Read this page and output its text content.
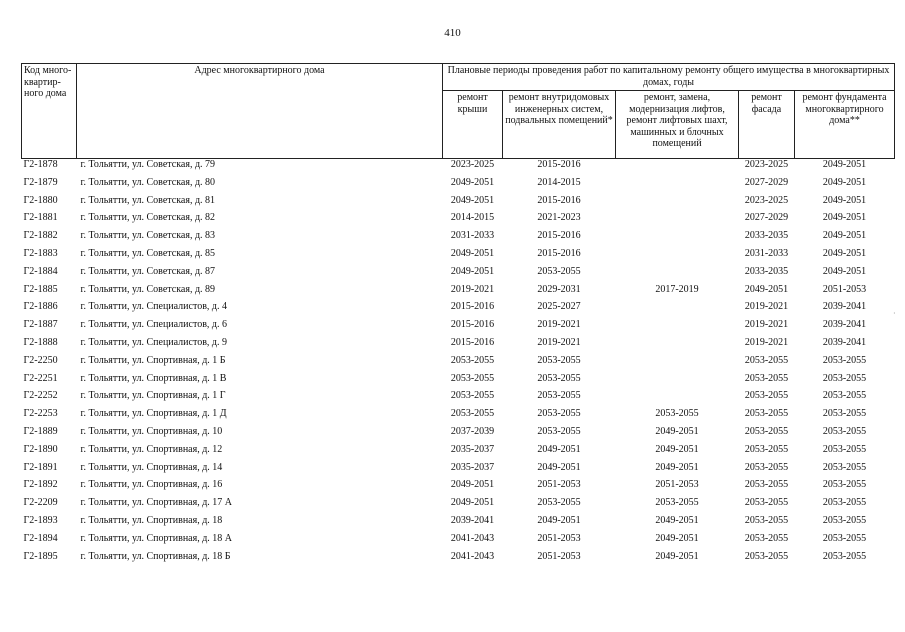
410
Код много-квартир-ного дома	Адрес многоквартирного дома	Плановые периоды проведения работ по капитальному ремонту общего имущества в многоквартирных домах, годы				
		ремонт крыши	ремонт внутридомовых инженерных систем, подвальных помещений*	ремонт, замена, модернизация лифтов, ремонт лифтовых шахт, машинных и блочных помещений	ремонт фасада	ремонт фундамента многоквартирного дома**
Г2-1878	г. Тольятти, ул. Советская, д. 79	2023-2025	2015-2016		2023-2025	2049-2051
Г2-1879	г. Тольятти, ул. Советская, д. 80	2049-2051	2014-2015		2027-2029	2049-2051
Г2-1880	г. Тольятти, ул. Советская, д. 81	2049-2051	2015-2016		2023-2025	2049-2051
Г2-1881	г. Тольятти, ул. Советская, д. 82	2014-2015	2021-2023		2027-2029	2049-2051
Г2-1882	г. Тольятти, ул. Советская, д. 83	2031-2033	2015-2016		2033-2035	2049-2051
Г2-1883	г. Тольятти, ул. Советская, д. 85	2049-2051	2015-2016		2031-2033	2049-2051
Г2-1884	г. Тольятти, ул. Советская, д. 87	2049-2051	2053-2055		2033-2035	2049-2051
Г2-1885	г. Тольятти, ул. Советская, д. 89	2019-2021	2029-2031	2017-2019	2049-2051	2051-2053
Г2-1886	г. Тольятти, ул. Специалистов, д. 4	2015-2016	2025-2027		2019-2021	2039-2041
Г2-1887	г. Тольятти, ул. Специалистов, д. 6	2015-2016	2019-2021		2019-2021	2039-2041
Г2-1888	г. Тольятти, ул. Специалистов, д. 9	2015-2016	2019-2021		2019-2021	2039-2041
Г2-2250	г. Тольятти, ул. Спортивная, д. 1 Б	2053-2055	2053-2055		2053-2055	2053-2055
Г2-2251	г. Тольятти, ул. Спортивная, д. 1 В	2053-2055	2053-2055		2053-2055	2053-2055
Г2-2252	г. Тольятти, ул. Спортивная, д. 1 Г	2053-2055	2053-2055		2053-2055	2053-2055
Г2-2253	г. Тольятти, ул. Спортивная, д. 1 Д	2053-2055	2053-2055	2053-2055	2053-2055	2053-2055
Г2-1889	г. Тольятти, ул. Спортивная, д. 10	2037-2039	2053-2055	2049-2051	2053-2055	2053-2055
Г2-1890	г. Тольятти, ул. Спортивная, д. 12	2035-2037	2049-2051	2049-2051	2053-2055	2053-2055
Г2-1891	г. Тольятти, ул. Спортивная, д. 14	2035-2037	2049-2051	2049-2051	2053-2055	2053-2055
Г2-1892	г. Тольятти, ул. Спортивная, д. 16	2049-2051	2051-2053	2051-2053	2053-2055	2053-2055
Г2-2209	г. Тольятти, ул. Спортивная, д. 17 А	2049-2051	2053-2055	2053-2055	2053-2055	2053-2055
Г2-1893	г. Тольятти, ул. Спортивная, д. 18	2039-2041	2049-2051	2049-2051	2053-2055	2053-2055
Г2-1894	г. Тольятти, ул. Спортивная, д. 18 А	2041-2043	2051-2053	2049-2051	2053-2055	2053-2055
Г2-1895	г. Тольятти, ул. Спортивная, д. 18 Б	2041-2043	2051-2053	2049-2051	2053-2055	2053-2055
·
